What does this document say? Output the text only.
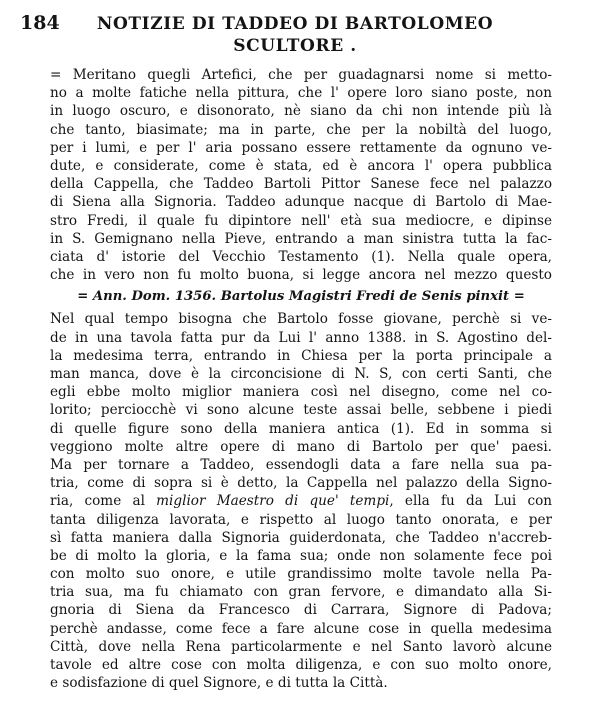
184	NOTIZIE DI TADDEO DI BARTOLOMEO
SCULTORE .
= Meritano quegli Artefici, che per guadagnarsi nome si metto-
no a molte fatiche nella pittura, che l' opere loro siano poste, non
in luogo oscuro, e disonorato, nè siano da chi non intende più là
che tanto, biasimate; ma in parte, che per la nobiltà del luogo,
per i lumi, e per l' aria possano essere rettamente da ognuno ve-
dute, e considerate, come è stata, ed è ancora l' opera pubblica
della Cappella, che Taddeo Bartoli Pittor Sanese fece nel palazzo
di Siena alla Signoria. Taddeo adunque nacque di Bartolo di Mae-
stro Fredi, il quale fu dipintore nell' età sua mediocre, e dipinse
in S. Gemignano nella Pieve, entrando a man sinistra tutta la fac-
ciata d' istorie del Vecchio Testamento (1). Nella quale opera,
che in vero non fu molto buona, si legge ancora nel mezzo questo
= Ann. Dom. 1356. Bartolus Magistri Fredi de Senis pinxit =
Nel qual tempo bisogna che Bartolo fosse giovane, perchè si ve-
de in una tavola fatta pur da Lui l' anno 1388. in S. Agostino del-
la medesima terra, entrando in Chiesa per la porta principale a
man manca, dove è la circoncisione di N. S, con certi Santi, che
egli ebbe molto miglior maniera così nel disegno, come nel co-
lorito; perciocchè vi sono alcune teste assai belle, sebbene i piedi
di quelle figure sono della maniera antica (1). Ed in somma si
veggiono molte altre opere di mano di Bartolo per que' paesi.
Ma per tornare a Taddeo, essendogli data a fare nella sua pa-
tria, come di sopra si è detto, la Cappella nel palazzo della Signo-
ria, come al miglior Maestro di que' tempi, ella fu da Lui con
tanta diligenza lavorata, e rispetto al luogo tanto onorata, e per
sì fatta maniera dalla Signoria guiderdonata, che Taddeo n'accreb-
be di molto la gloria, e la fama sua; onde non solamente fece poi
con molto suo onore, e utile grandissimo molte tavole nella Pa-
tria sua, ma fu chiamato con gran fervore, e dimandato alla Si-
gnoria di Siena da Francesco di Carrara, Signore di Padova;
perchè andasse, come fece a fare alcune cose in quella medesima
Città, dove nella Rena particolarmente e nel Santo lavorò alcune
tavole ed altre cose con molta diligenza, e con suo molto onore,
e sodisfazione di quel Signore, e di tutta la Città.
